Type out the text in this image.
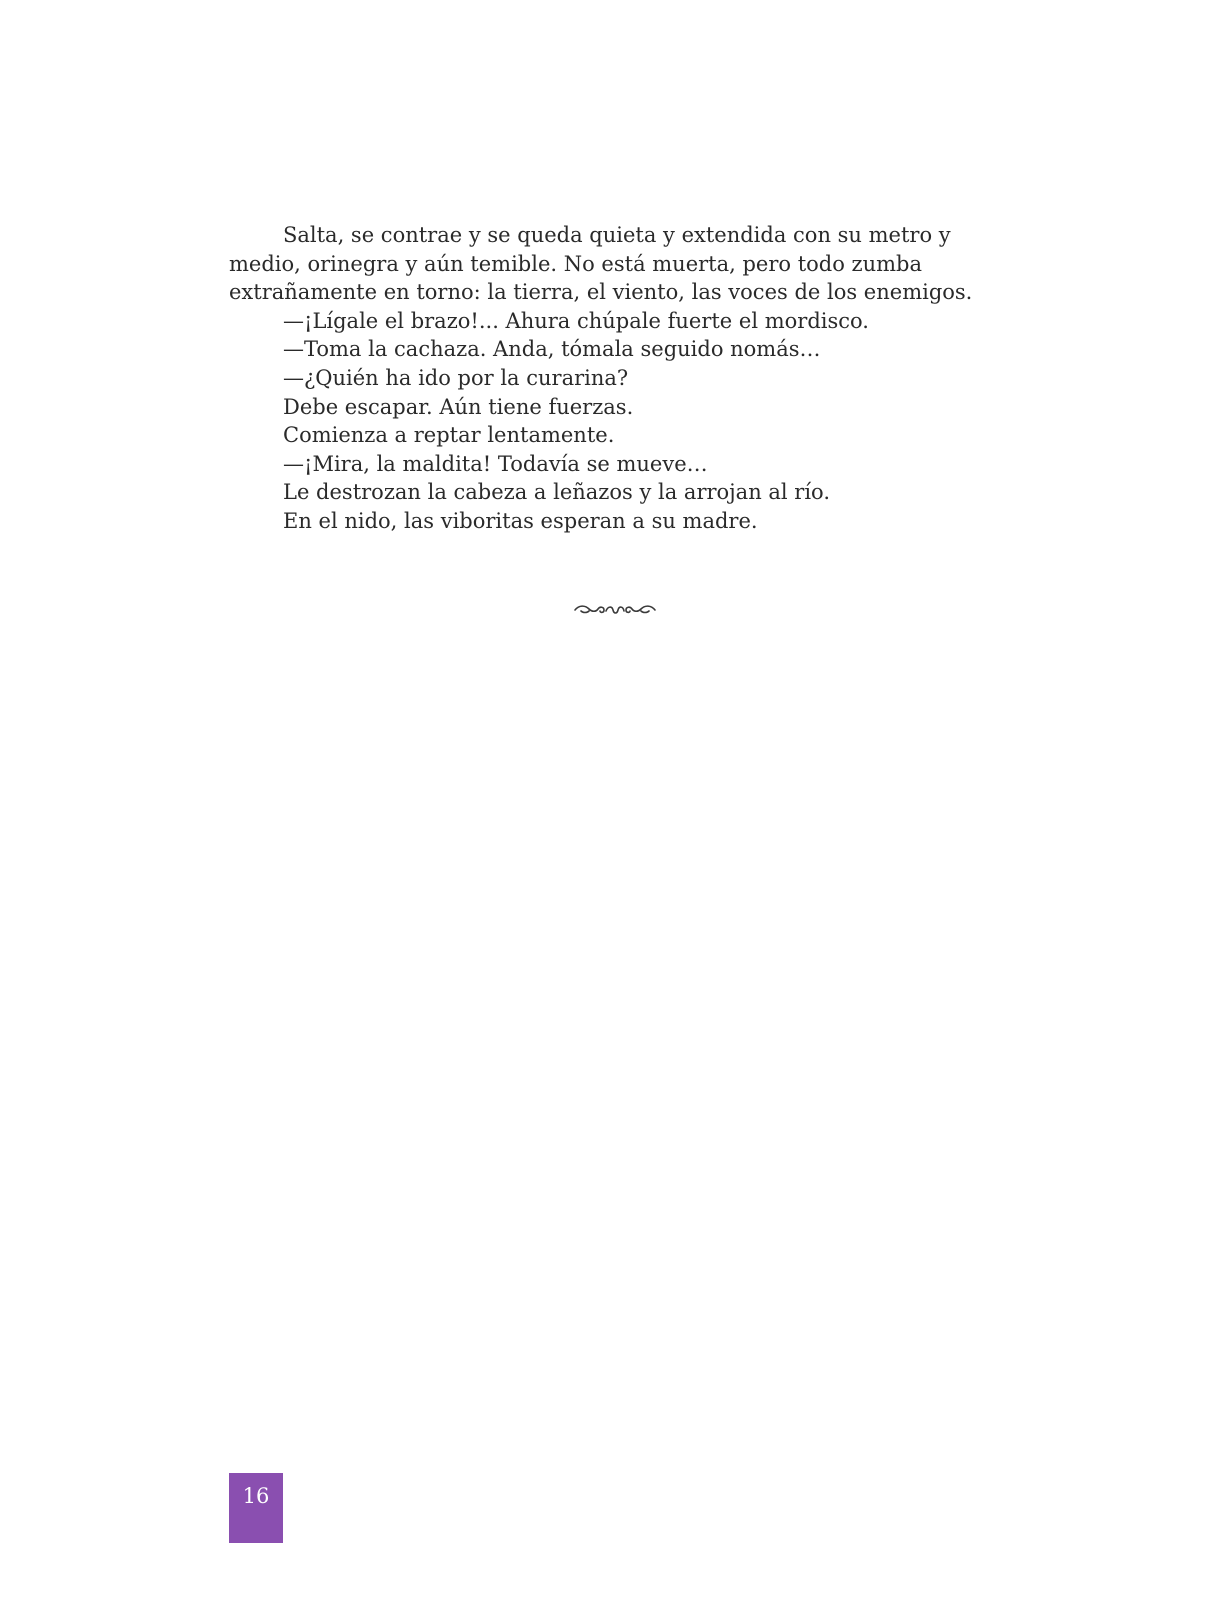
Salta, se contrae y se queda quieta y extendida con su metro y medio, orinegra y aún temible. No está muerta, pero todo zumba extrañamente en torno: la tierra, el viento, las voces de los enemigos.

—¡Lígale el brazo!... Ahura chúpale fuerte el mordisco.

—Toma la cachaza. Anda, tómala seguido nomás…

—¿Quién ha ido por la curarina?

Debe escapar. Aún tiene fuerzas.

Comienza a reptar lentamente.

—¡Mira, la maldita! Todavía se mueve…

Le destrozan la cabeza a leñazos y la arrojan al río.

En el nido, las viboritas esperan a su madre.

16
